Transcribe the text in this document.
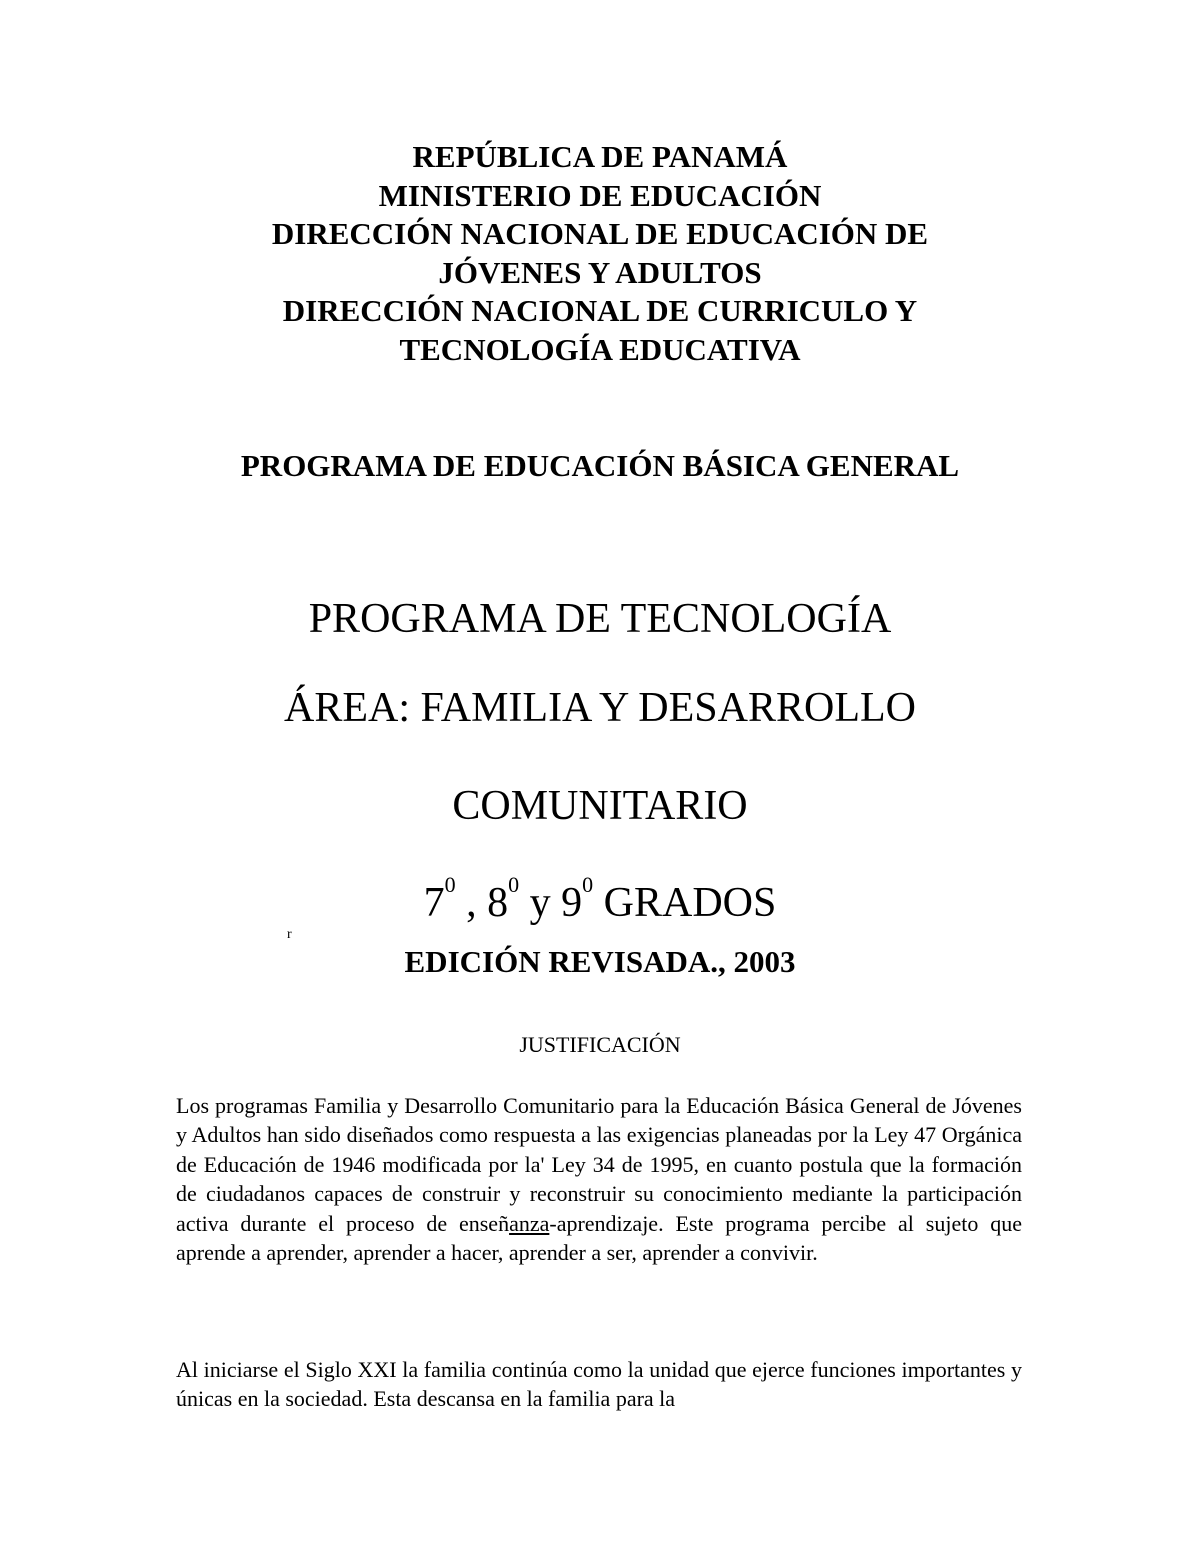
REPÚBLICA DE PANAMÁ
MINISTERIO DE EDUCACIÓN
DIRECCIÓN NACIONAL DE EDUCACIÓN DE
JÓVENES Y ADULTOS
DIRECCIÓN NACIONAL DE CURRICULO Y
TECNOLOGÍA EDUCATIVA
PROGRAMA DE EDUCACIÓN BÁSICA GENERAL
PROGRAMA DE TECNOLOGÍA
ÁREA: FAMILIA Y DESARROLLO
COMUNITARIO
$7^0$ , $8^0$ y $9^0$ GRADOS
r
EDICIÓN REVISADA., 2003
JUSTIFICACIÓN
Los programas Familia y Desarrollo Comunitario para la Educación Básica General de Jóvenes y Adultos han sido diseñados como respuesta a las exigencias planeadas por la Ley 47 Orgánica de Educación de 1946 modificada por la' Ley 34 de 1995, en cuanto postula que la formación de ciudadanos capaces de construir y reconstruir su conocimiento mediante la participación activa durante el proceso de enseñanza-aprendizaje. Este programa percibe al sujeto que aprende a aprender, aprender a hacer, aprender a ser, aprender a convivir.
Al iniciarse el Siglo XXI la familia continúa como la unidad que ejerce funciones importantes y únicas en la sociedad. Esta descansa en la familia para la
